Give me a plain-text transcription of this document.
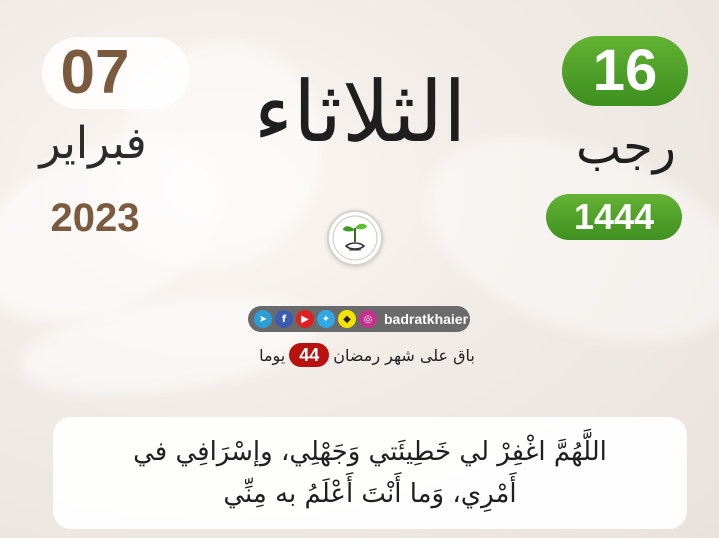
07
فبراير
2023
الثلاثاء	16
رجب
1444
➤	f	▶	✦	◆	◎ badratkhaier
باق على شهر رمضان
44
يوما
اللَّهُمَّ اغْفِرْ لي خَطِيئَتي وَجَهْلِي، وإسْرَافِي في
أَمْرِي، وَما أَنْتَ أَعْلَمُ به مِنِّي
